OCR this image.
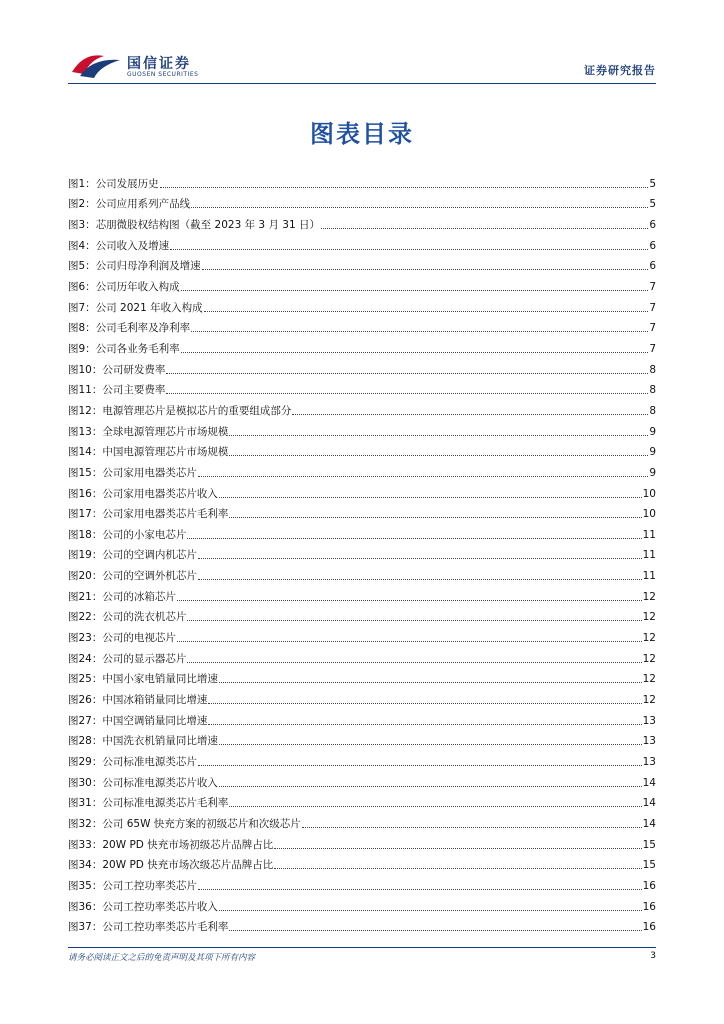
国信证券
GUOSEN SECURITIES	证券研究报告
图表目录
图1： 公司发展历史	5
图2： 公司应用系列产品线	5
图3： 芯朋微股权结构图（截至 2023 年 3 月 31 日）	6
图4： 公司收入及增速	6
图5： 公司归母净利润及增速	6
图6： 公司历年收入构成	7
图7： 公司 2021 年收入构成	7
图8： 公司毛利率及净利率	7
图9： 公司各业务毛利率	7
图10： 公司研发费率	8
图11： 公司主要费率	8
图12： 电源管理芯片是模拟芯片的重要组成部分	8
图13： 全球电源管理芯片市场规模	9
图14： 中国电源管理芯片市场规模	9
图15： 公司家用电器类芯片	9
图16： 公司家用电器类芯片收入	10
图17： 公司家用电器类芯片毛利率	10
图18： 公司的小家电芯片	11
图19： 公司的空调内机芯片	11
图20： 公司的空调外机芯片	11
图21： 公司的冰箱芯片	12
图22： 公司的洗衣机芯片	12
图23： 公司的电视芯片	12
图24： 公司的显示器芯片	12
图25： 中国小家电销量同比增速	12
图26： 中国冰箱销量同比增速	12
图27： 中国空调销量同比增速	13
图28： 中国洗衣机销量同比增速	13
图29： 公司标准电源类芯片	13
图30： 公司标准电源类芯片收入	14
图31： 公司标准电源类芯片毛利率	14
图32： 公司 65W 快充方案的初级芯片和次级芯片	14
图33： 20W PD 快充市场初级芯片品牌占比	15
图34： 20W PD 快充市场次级芯片品牌占比	15
图35： 公司工控功率类芯片	16
图36： 公司工控功率类芯片收入	16
图37： 公司工控功率类芯片毛利率	16
请务必阅读正文之后的免责声明及其项下所有内容	3
